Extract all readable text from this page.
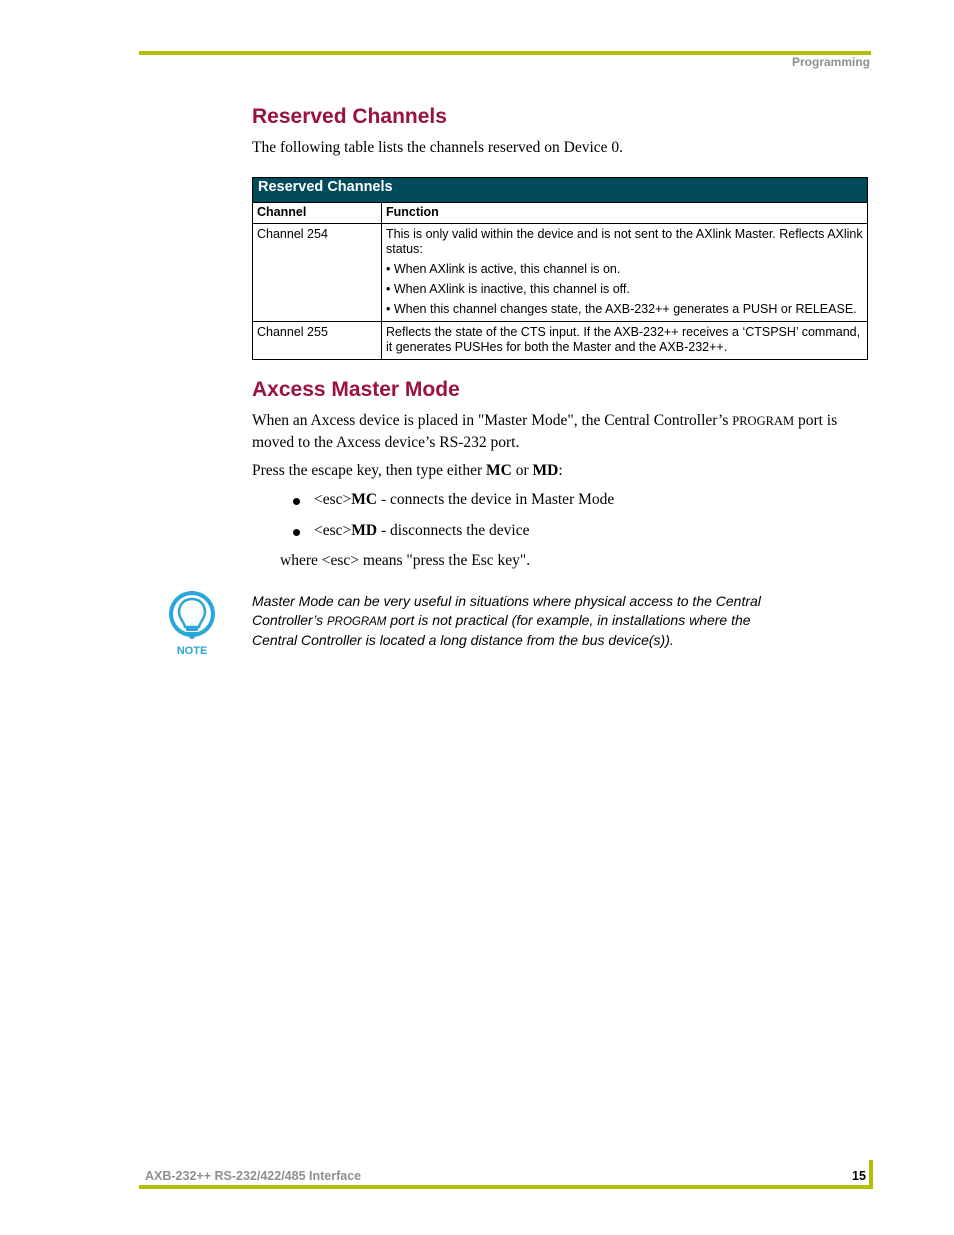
Programming
Reserved Channels

The following table lists the channels reserved on Device 0.

Reserved Channels	
Channel	Function
Channel 254	This is only valid within the device and is not sent to the AXlink Master. Reflects AXlink status:

• When AXlink is active, this channel is on.

• When AXlink is inactive, this channel is off.

• When this channel changes state, the AXB-232++ generates a PUSH or RELEASE.

Channel 255	Reflects the state of the CTS input. If the AXB-232++ receives a ‘CTSPSH’ command, it generates PUSHes for both the Master and the AXB-232++.

Axcess Master Mode

When an Axcess device is placed in "Master Mode", the Central Controller’s PROGRAM port is moved to the Axcess device’s RS-232 port.

Press the escape key, then type either MC or MD:

<esc>MC - connects the device in Master Mode
<esc>MD - disconnects the device

where <esc> means "press the Esc key".

NOTE

Master Mode can be very useful in situations where physical access to the Central Controller’s PROGRAM port is not practical (for example, in installations where the Central Controller is located a long distance from the bus device(s)).

AXB-232++ RS-232/422/485 Interface	15
